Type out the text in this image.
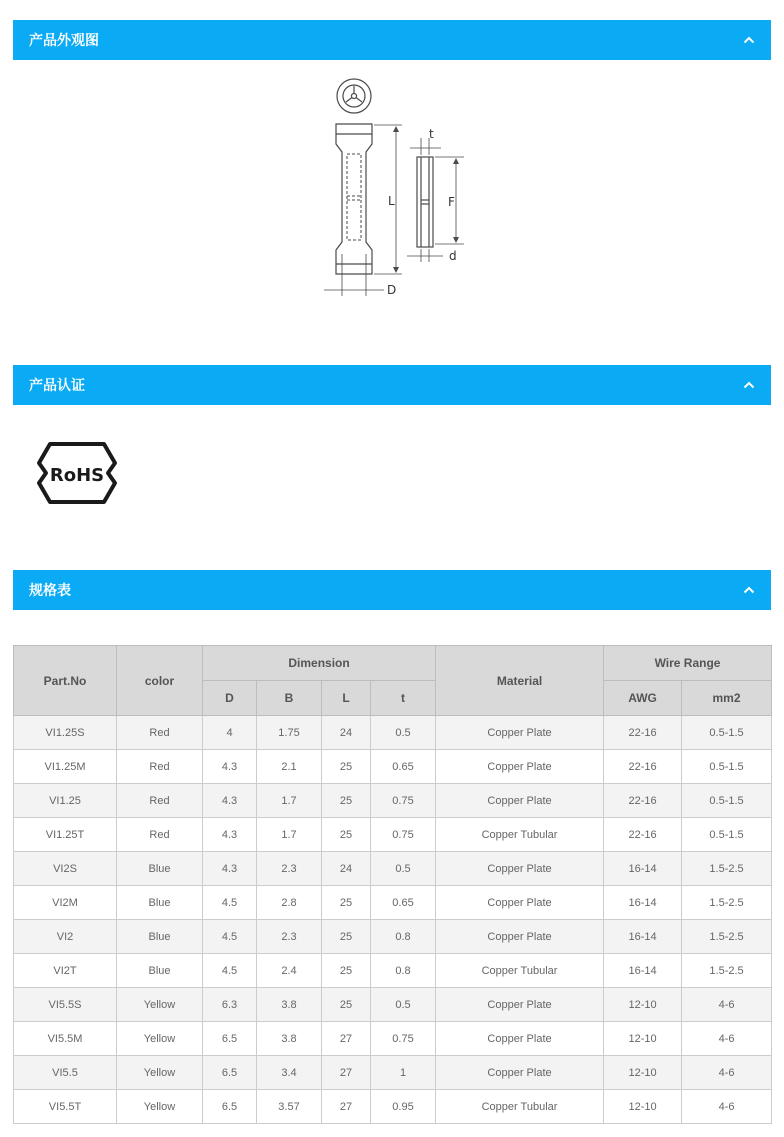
产品外观图
L
D
t
F
d
产品认证
RoHS
规格表
Part.No	color	Dimension				Material	Wire Range	
		D	B	L	t		AWG	mm2
VI1.25S	Red	4	1.75	24	0.5	Copper Plate	22-16	0.5-1.5
VI1.25M	Red	4.3	2.1	25	0.65	Copper Plate	22-16	0.5-1.5
VI1.25	Red	4.3	1.7	25	0.75	Copper Plate	22-16	0.5-1.5
VI1.25T	Red	4.3	1.7	25	0.75	Copper Tubular	22-16	0.5-1.5
VI2S	Blue	4.3	2.3	24	0.5	Copper Plate	16-14	1.5-2.5
VI2M	Blue	4.5	2.8	25	0.65	Copper Plate	16-14	1.5-2.5
VI2	Blue	4.5	2.3	25	0.8	Copper Plate	16-14	1.5-2.5
VI2T	Blue	4.5	2.4	25	0.8	Copper Tubular	16-14	1.5-2.5
VI5.5S	Yellow	6.3	3.8	25	0.5	Copper Plate	12-10	4-6
VI5.5M	Yellow	6.5	3.8	27	0.75	Copper Plate	12-10	4-6
VI5.5	Yellow	6.5	3.4	27	1	Copper Plate	12-10	4-6
VI5.5T	Yellow	6.5	3.57	27	0.95	Copper Tubular	12-10	4-6
